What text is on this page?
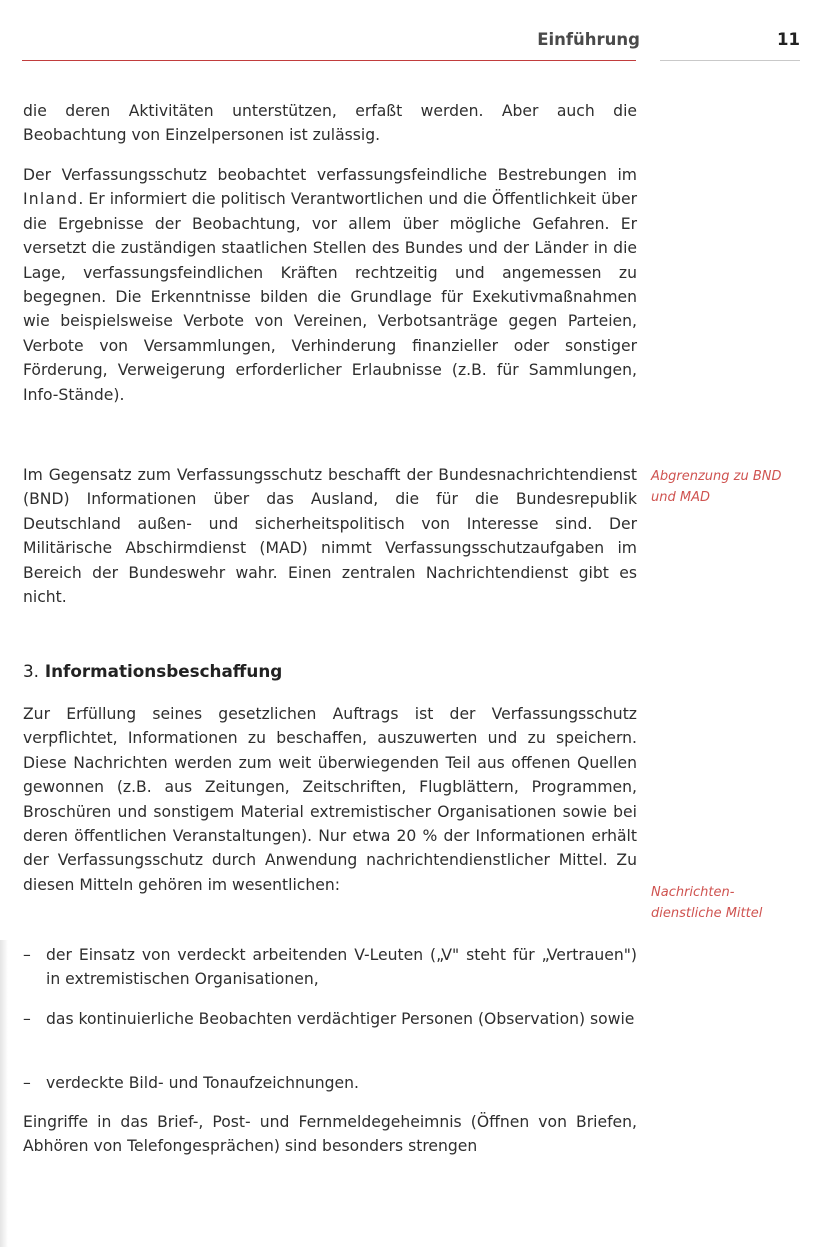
Einführung	11

die deren Aktivitäten unterstützen, erfaßt werden. Aber auch die Beobachtung von Einzelpersonen ist zulässig.

Der Verfassungsschutz beobachtet verfassungsfeindliche Bestrebungen im Inland. Er informiert die politisch Verantwortlichen und die Öffentlichkeit über die Ergebnisse der Beobachtung, vor allem über mögliche Gefahren. Er versetzt die zuständigen staatlichen Stellen des Bundes und der Länder in die Lage, verfassungsfeindlichen Kräften rechtzeitig und angemessen zu begegnen. Die Erkenntnisse bilden die Grundlage für Exekutivmaßnahmen wie beispielsweise Verbote von Vereinen, Verbotsanträge gegen Parteien, Verbote von Versammlungen, Verhinderung finanzieller oder sonstiger Förderung, Verweigerung erforderlicher Erlaubnisse (z.B. für Sammlungen, Info-Stände).

Im Gegensatz zum Verfassungsschutz beschafft der Bundesnachrichtendienst (BND) Informationen über das Ausland, die für die Bundesrepublik Deutschland außen- und sicherheitspolitisch von Interesse sind. Der Militärische Abschirmdienst (MAD) nimmt Verfassungsschutzaufgaben im Bereich der Bundeswehr wahr. Einen zentralen Nachrichtendienst gibt es nicht.

Abgrenzung zu BND und MAD

3. Informationsbeschaffung

Zur Erfüllung seines gesetzlichen Auftrags ist der Verfassungsschutz verpflichtet, Informationen zu beschaffen, auszuwerten und zu speichern. Diese Nachrichten werden zum weit überwiegenden Teil aus offenen Quellen gewonnen (z.B. aus Zeitungen, Zeitschriften, Flugblättern, Programmen, Broschüren und sonstigem Material extremistischer Organisationen sowie bei deren öffentlichen Veranstaltungen). Nur etwa 20 % der Informationen erhält der Verfassungsschutz durch Anwendung nachrichtendienstlicher Mittel. Zu diesen Mitteln gehören im wesentlichen:	Nachrichten- dienstliche Mittel

– der Einsatz von verdeckt arbeitenden V-Leuten („V" steht für „Vertrauen") in extremistischen Organisationen,

– das kontinuierliche Beobachten verdächtiger Personen (Observation) sowie

– verdeckte Bild- und Tonaufzeichnungen.

Eingriffe in das Brief-, Post- und Fernmeldegeheimnis (Öffnen von Briefen, Abhören von Telefongesprächen) sind besonders strengen
